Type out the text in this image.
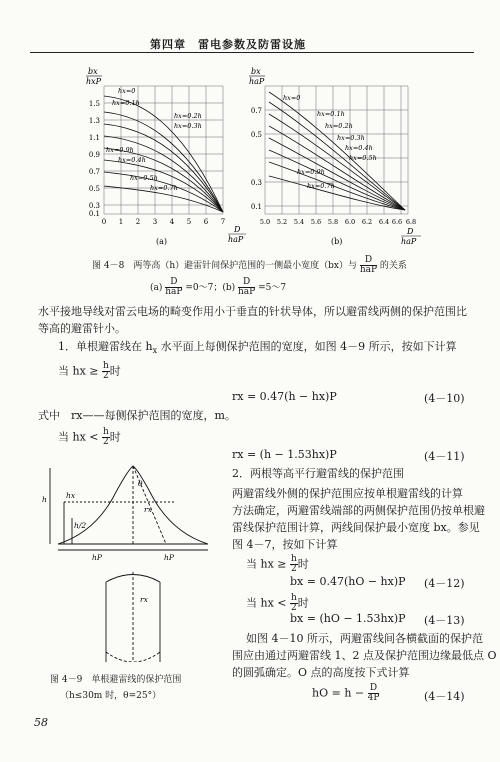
第四章　雷电参数及防雷设施
bx
hxP
1.5
1.3
1.1
0.9
0.7
0.5
0.3
0.1
0 1 2 3 4 5 6 7
D
haP
(a)
hx=0
hx=0.1h
hx=0.2h
hx=0.3h
hx=0.9h
hx=0.4h
hx=0.5h
hx=0.7h
bx
haP
0.7
0.5
0.3
0.1
5.0 5.2 5.4 5.6 5.8 6.0 6.2 6.4 6.6 6.8
D
haP
(b)
hx=0
hx=0.1h
hx=0.2h
hx=0.3h
hx=0.4h
hx=0.5h
hx=0.9h
hx=0.7h
图 4－8　两等高（h）避雷针间保护范围的一侧最小宽度（bx）与 $\frac{D}{\text{haP}}$ 的关系
$(a) \frac{D}{\text{haP}}$ =0～7；$(b) \frac{D}{\text{haP}}$ =5～7
水平接地导线对雷云电场的畸变作用小于垂直的针状导体，所以避雷线两侧的保护范围比
等高的避雷针小。
1．单根避雷线在 $h_x$ 水平面上每侧保护范围的宽度，如图 4－9 所示，按如下计算
当 hx ≥ $\frac{h}{2}$ 时
rx = 0.47(h − hx)P	(4－10)
式中　rx——每侧保护范围的宽度，m。
当 hx < $\frac{h}{2}$ 时
rx = (h − 1.53hx)P	(4－11)
θ
h	hx
h/2
rx
hP	hP
rx
2．两根等高平行避雷线的保护范围
两避雷线外侧的保护范围应按单根避雷线的计算
方法确定，两避雷线端部的两侧保护范围仍按单根避
雷线保护范围计算，两线间保护最小宽度 bx。参见
图 4－7，按如下计算
当 hx ≥ $\frac{h}{2}$ 时
bx = 0.47(hO − hx)P (4－12)
当 hx < $\frac{h}{2}$ 时
bx = (hO − 1.53hx)P (4－13)
如图 4－10 所示，两避雷线间各横截面的保护范
围应由通过两避雷线 1、2 点及保护范围边缘最低点 O
的圆弧确定。O 点的高度按下式计算
hO = $h - \frac{D}{4P}$	(4－14)
图 4－9　单根避雷线的保护范围
（h≤30m 时，θ=25°）
58
